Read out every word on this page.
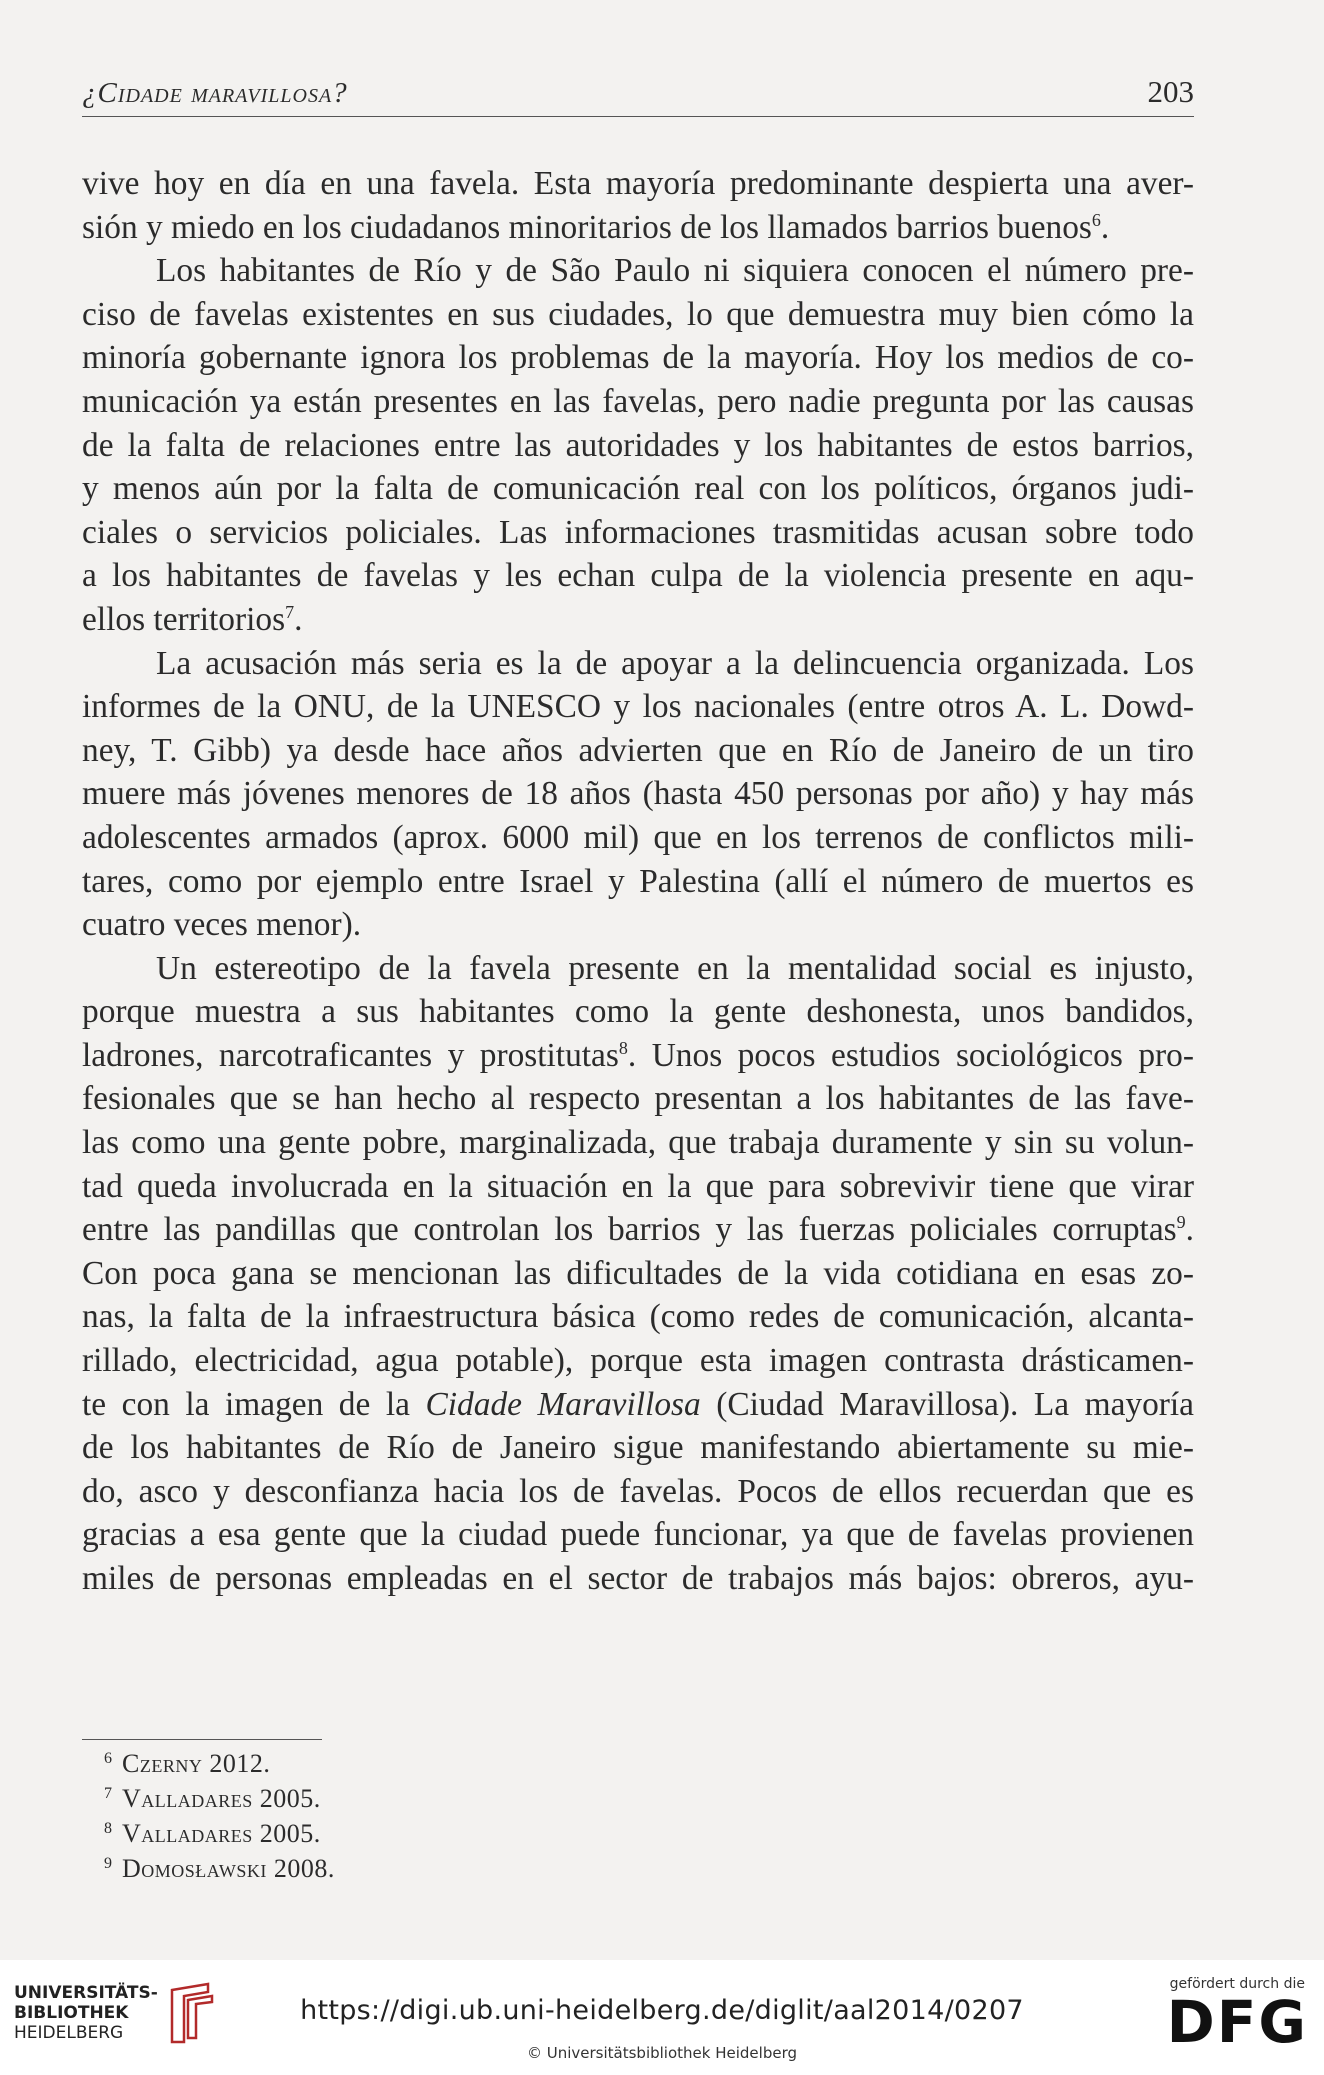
¿Cidade maravillosa?	203

vive hoy en día en una favela. Esta mayoría predominante despierta una aver-
sión y miedo en los ciudadanos minoritarios de los llamados barrios buenos$^6$.

Los habitantes de Río y de São Paulo ni siquiera conocen el número pre-
ciso de favelas existentes en sus ciudades, lo que demuestra muy bien cómo la
minoría gobernante ignora los problemas de la mayoría. Hoy los medios de co-
municación ya están presentes en las favelas, pero nadie pregunta por las causas
de la falta de relaciones entre las autoridades y los habitantes de estos barrios,
y menos aún por la falta de comunicación real con los políticos, órganos judi-
ciales o servicios policiales. Las informaciones trasmitidas acusan sobre todo
a los habitantes de favelas y les echan culpa de la violencia presente en aqu-
ellos territorios$^7$.

La acusación más seria es la de apoyar a la delincuencia organizada. Los
informes de la ONU, de la UNESCO y los nacionales (entre otros A. L. Dowd-
ney, T. Gibb) ya desde hace años advierten que en Río de Janeiro de un tiro
muere más jóvenes menores de 18 años (hasta 450 personas por año) y hay más
adolescentes armados (aprox. 6000 mil) que en los terrenos de conflictos mili-
tares, como por ejemplo entre Israel y Palestina (allí el número de muertos es
cuatro veces menor).

Un estereotipo de la favela presente en la mentalidad social es injusto,
porque muestra a sus habitantes como la gente deshonesta, unos bandidos,
ladrones, narcotraficantes y prostitutas$^8$. Unos pocos estudios sociológicos pro-
fesionales que se han hecho al respecto presentan a los habitantes de las fave-
las como una gente pobre, marginalizada, que trabaja duramente y sin su volun-
tad queda involucrada en la situación en la que para sobrevivir tiene que virar
entre las pandillas que controlan los barrios y las fuerzas policiales corruptas$^9$.
Con poca gana se mencionan las dificultades de la vida cotidiana en esas zo-
nas, la falta de la infraestructura básica (como redes de comunicación, alcanta-
rillado, electricidad, agua potable), porque esta imagen contrasta drásticamen-
te con la imagen de la Cidade Maravillosa (Ciudad Maravillosa). La mayoría
de los habitantes de Río de Janeiro sigue manifestando abiertamente su mie-
do, asco y desconfianza hacia los de favelas. Pocos de ellos recuerdan que es
gracias a esa gente que la ciudad puede funcionar, ya que de favelas provienen
miles de personas empleadas en el sector de trabajos más bajos: obreros, ayu-

6 Czerny 2012.
7 Valladares 2005.
8 Valladares 2005.
9 Domosławski 2008.
UNIVERSITÄTS-
BIBLIOTHEK
HEIDELBERG
https://digi.ub.uni-heidelberg.de/diglit/aal2014/0207
© Universitätsbibliothek Heidelberg
gefördert durch die
DFG
